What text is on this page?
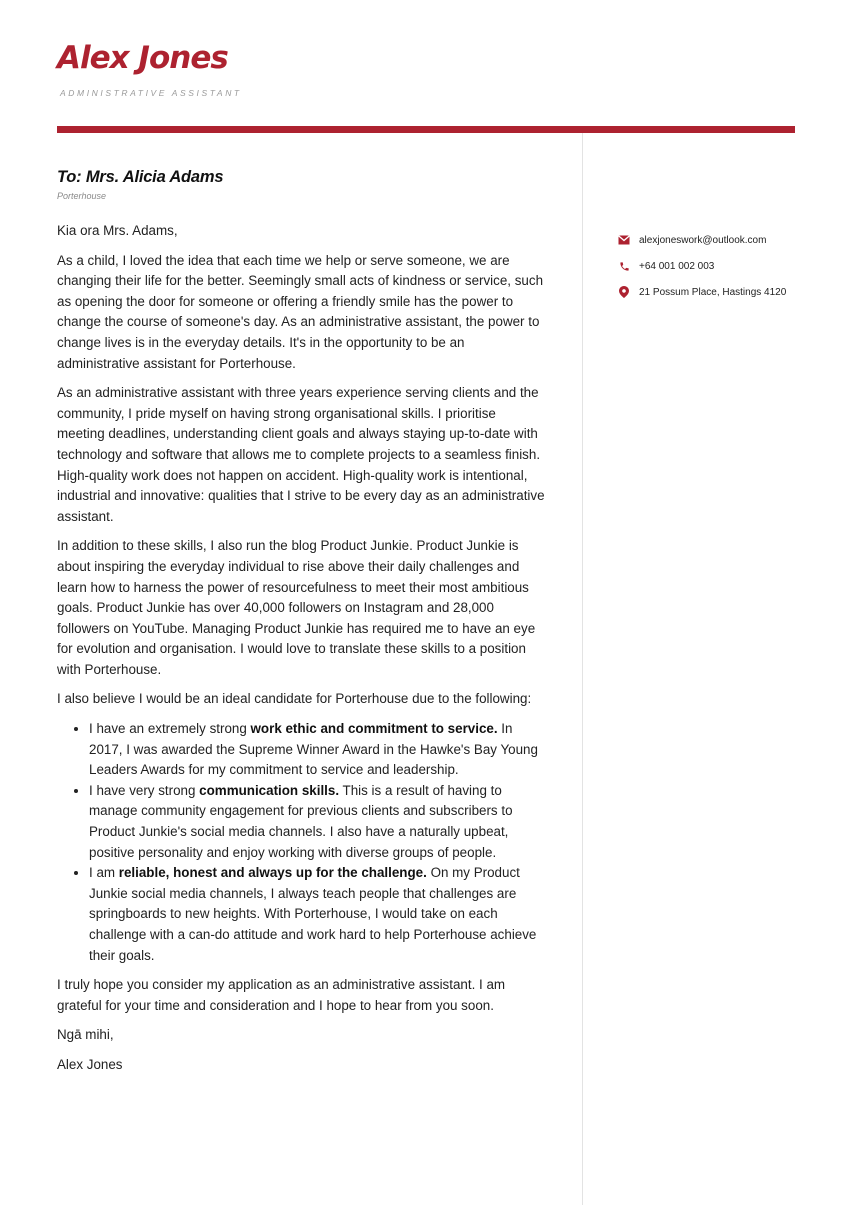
Alex Jones
ADMINISTRATIVE ASSISTANT
To: Mrs. Alicia Adams
Porterhouse

Kia ora Mrs. Adams,

As a child, I loved the idea that each time we help or serve someone, we are changing their life for the better. Seemingly small acts of kindness or service, such as opening the door for someone or offering a friendly smile has the power to change the course of someone's day. As an administrative assistant, the power to change lives is in the everyday details. It's in the opportunity to be an administrative assistant for Porterhouse.

As an administrative assistant with three years experience serving clients and the community, I pride myself on having strong organisational skills. I prioritise meeting deadlines, understanding client goals and always staying up-to-date with technology and software that allows me to complete projects to a seamless finish. High-quality work does not happen on accident. High-quality work is intentional, industrial and innovative: qualities that I strive to be every day as an administrative assistant.

In addition to these skills, I also run the blog Product Junkie. Product Junkie is about inspiring the everyday individual to rise above their daily challenges and learn how to harness the power of resourcefulness to meet their most ambitious goals. Product Junkie has over 40,000 followers on Instagram and 28,000 followers on YouTube. Managing Product Junkie has required me to have an eye for evolution and organisation. I would love to translate these skills to a position with Porterhouse.

I also believe I would be an ideal candidate for Porterhouse due to the following:

• I have an extremely strong work ethic and commitment to service. In 2017, I was awarded the Supreme Winner Award in the Hawke's Bay Young Leaders Awards for my commitment to service and leadership.
• I have very strong communication skills. This is a result of having to manage community engagement for previous clients and subscribers to Product Junkie's social media channels. I also have a naturally upbeat, positive personality and enjoy working with diverse groups of people.
• I am reliable, honest and always up for the challenge. On my Product Junkie social media channels, I always teach people that challenges are springboards to new heights. With Porterhouse, I would take on each challenge with a can-do attitude and work hard to help Porterhouse achieve their goals.

I truly hope you consider my application as an administrative assistant. I am grateful for your time and consideration and I hope to hear from you soon.

Ngā mihi,

Alex Jones

alexjoneswork@outlook.com
+64 001 002 003
21 Possum Place, Hastings 4120
